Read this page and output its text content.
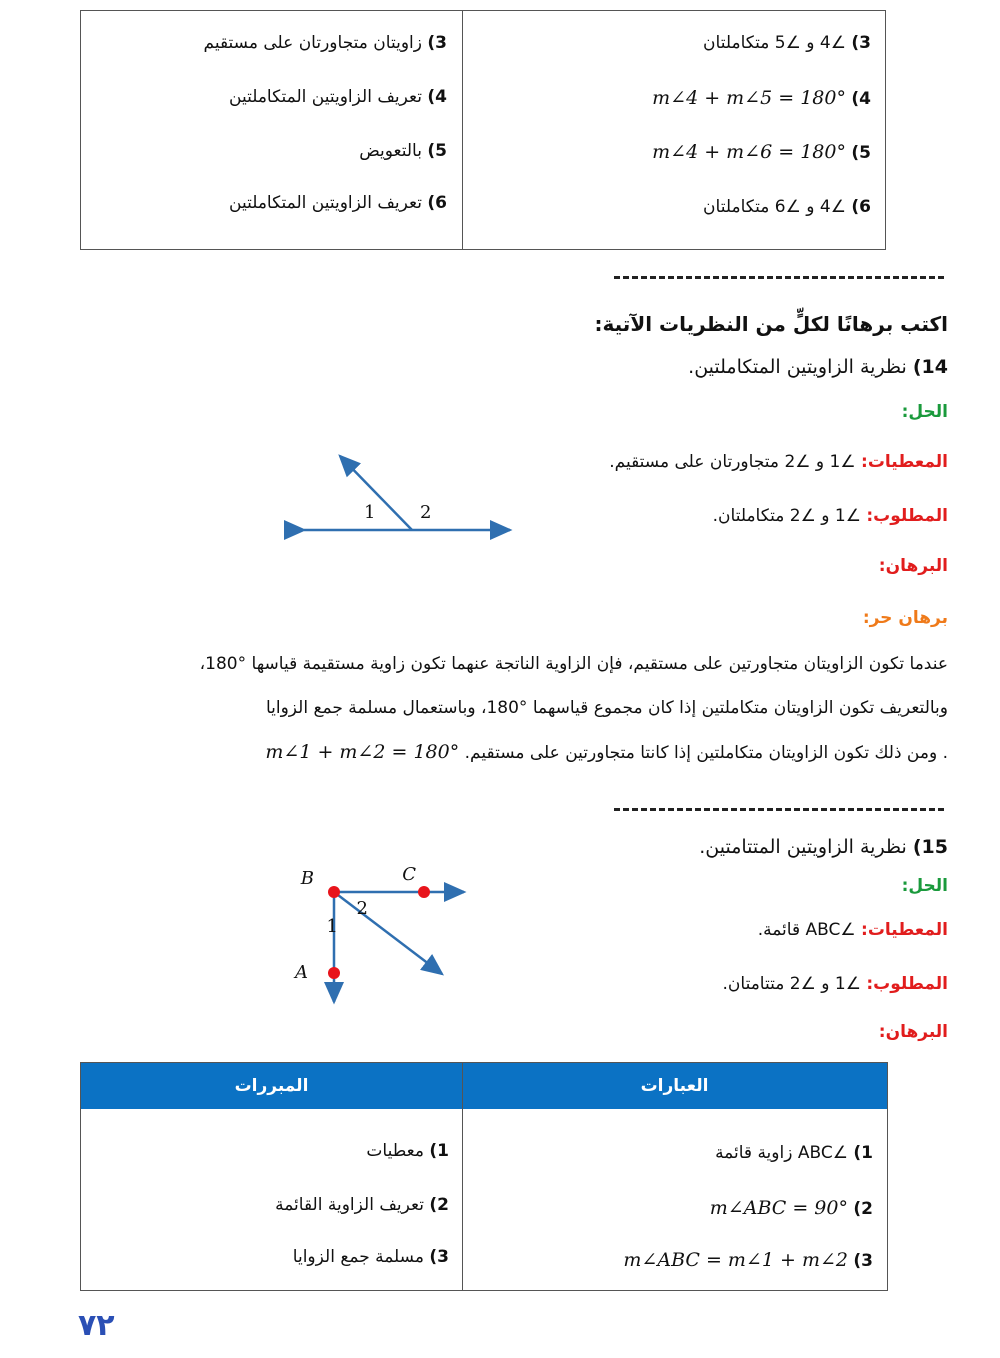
3) ∠4 و ∠5 متكاملتان
3) زاويتان متجاورتان على مستقيم
4) m∠4 + m∠5 = 180°
4) تعريف الزاويتين المتكاملتين
5) m∠4 + m∠6 = 180°
5) بالتعويض
6) ∠4 و ∠6 متكاملتان
6) تعريف الزاويتين المتكاملتين
اكتب برهانًا لكلٍّ من النظريات الآتية:
14) نظرية الزاويتين المتكاملتين.
الحل:
المعطيات: ∠1 و ∠2 متجاورتان على مستقيم.
المطلوب: ∠1 و ∠2 متكاملتان.
البرهان:
برهان حر:
1 2
عندما تكون الزاويتان متجاورتين على مستقيم، فإن الزاوية الناتجة عنهما تكون زاوية مستقيمة قياسها °180،
وبالتعريف تكون الزاويتان متكاملتين إذا كان مجموع قياسهما °180، وباستعمال مسلمة جمع الزوايا
. ومن ذلك تكون الزاويتان متكاملتين إذا كانتا متجاورتين على مستقيم. m∠1 + m∠2 = 180°
15) نظرية الزاويتين المتتامتين.
الحل:
المعطيات: ∠ABC قائمة.
المطلوب: ∠1 و ∠2 متتامتان.
البرهان:
B	C
A
1
2
العبارات
المبررات
1) ∠ABC زاوية قائمة
1) معطيات
2) m∠ABC = 90°
2) تعريف الزاوية القائمة
3) m∠ABC = m∠1 + m∠2
3) مسلمة جمع الزوايا
٧٢
